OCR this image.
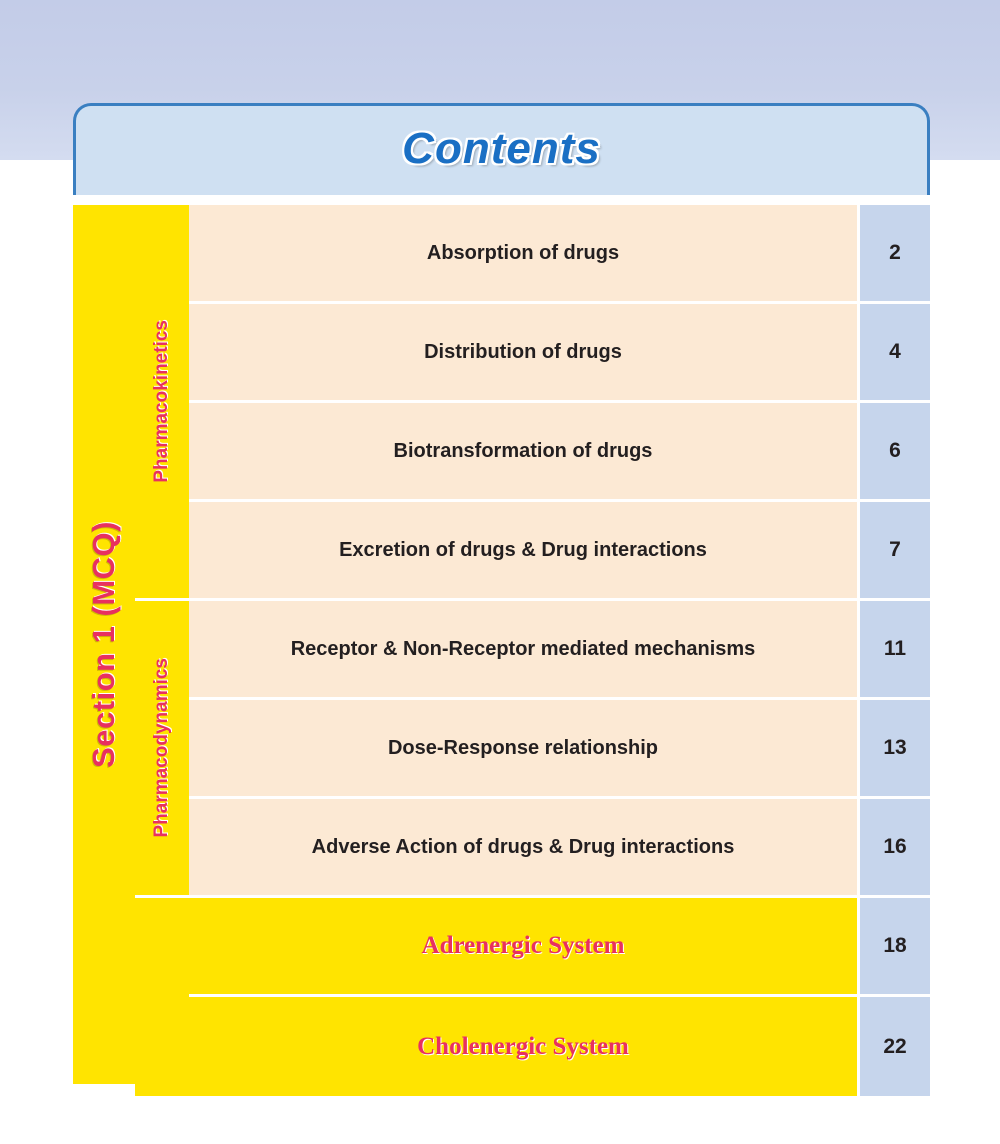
Contents
Section 1 (MCQ)
Pharmacokinetics
Absorption of drugs	2
Distribution of drugs	4
Biotransformation of drugs	6
Excretion of drugs & Drug interactions	7
Pharmacodynamics
Receptor & Non-Receptor mediated mechanisms	11
Dose-Response relationship	13
Adverse Action of drugs & Drug interactions	16
Adrenergic System	18
Cholenergic System	22
